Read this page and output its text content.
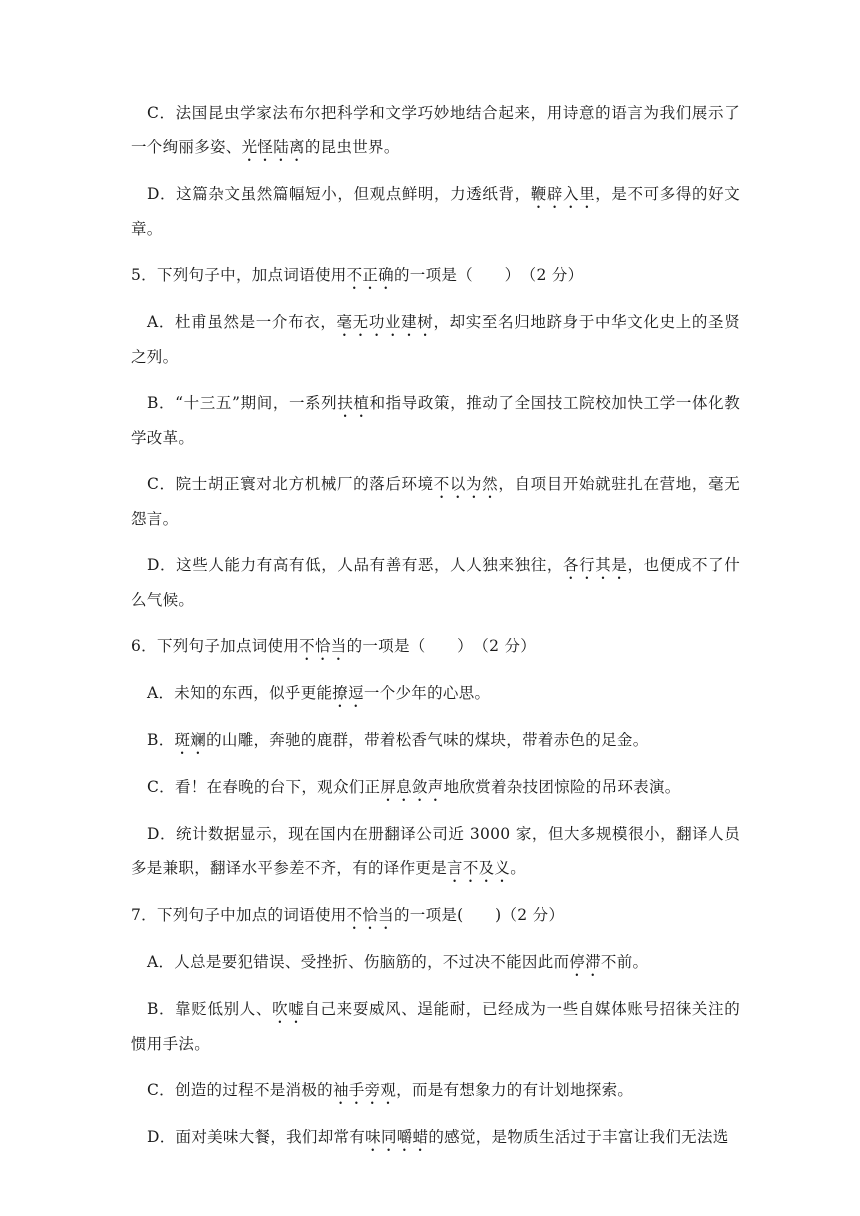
C．法国昆虫学家法布尔把科学和文学巧妙地结合起来，用诗意的语言为我们展示了一个绚丽多姿、光怪陆离的昆虫世界。

D．这篇杂文虽然篇幅短小，但观点鲜明，力透纸背，鞭辟入里，是不可多得的好文章。

5．下列句子中，加点词语使用不正确的一项是（　　）　（2 分）

A．杜甫虽然是一介布衣，毫无功业建树，却实至名归地跻身于中华文化史上的圣贤之列。

B．“十三五”期间，一系列扶植和指导政策，推动了全国技工院校加快工学一体化教学改革。

C．院士胡正寰对北方机械厂的落后环境不以为然，自项目开始就驻扎在营地，毫无怨言。

D．这些人能力有高有低，人品有善有恶，人人独来独往，各行其是，也便成不了什么气候。

6．下列句子加点词使用不恰当的一项是（　　）　（2 分）

A．未知的东西，似乎更能撩逗一个少年的心思。

B．斑斓的山雕，奔驰的鹿群，带着松香气味的煤块，带着赤色的足金。

C．看！在春晚的台下，观众们正屏息敛声地欣赏着杂技团惊险的吊环表演。

D．统计数据显示，现在国内在册翻译公司近 3000 家，但大多规模很小，翻译人员多是兼职，翻译水平参差不齐，有的译作更是言不及义。

7．下列句子中加点的词语使用不恰当的一项是(　　)（2 分）

A．人总是要犯错误、受挫折、伤脑筋的，不过决不能因此而停滞不前。

B．靠贬低别人、吹嘘自己来耍威风、逞能耐，已经成为一些自媒体账号招徕关注的惯用手法。

C．创造的过程不是消极的袖手旁观，而是有想象力的有计划地探索。

D．面对美味大餐，我们却常有味同嚼蜡的感觉，是物质生活过于丰富让我们无法选
